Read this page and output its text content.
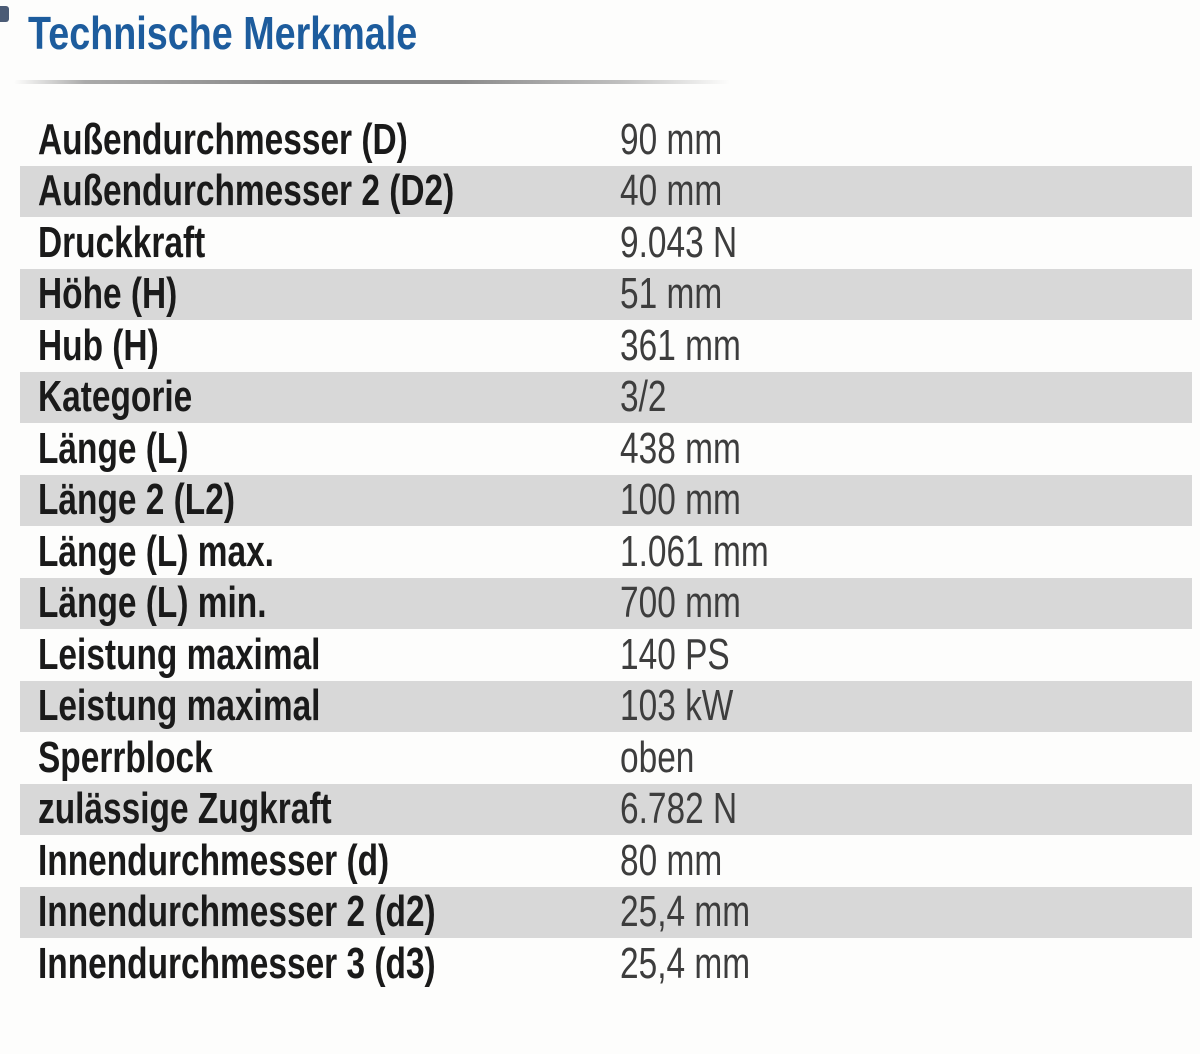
Technische Merkmale
Außendurchmesser (D)	90 mm
Außendurchmesser 2 (D2)	40 mm
Druckkraft	9.043 N
Höhe (H)	51 mm
Hub (H)	361 mm
Kategorie	3/2
Länge (L)	438 mm
Länge 2 (L2)	100 mm
Länge (L) max.	1.061 mm
Länge (L) min.	700 mm
Leistung maximal	140 PS
Leistung maximal	103 kW
Sperrblock	oben
zulässige Zugkraft	6.782 N
Innendurchmesser (d)	80 mm
Innendurchmesser 2 (d2)	25,4 mm
Innendurchmesser 3 (d3)	25,4 mm
